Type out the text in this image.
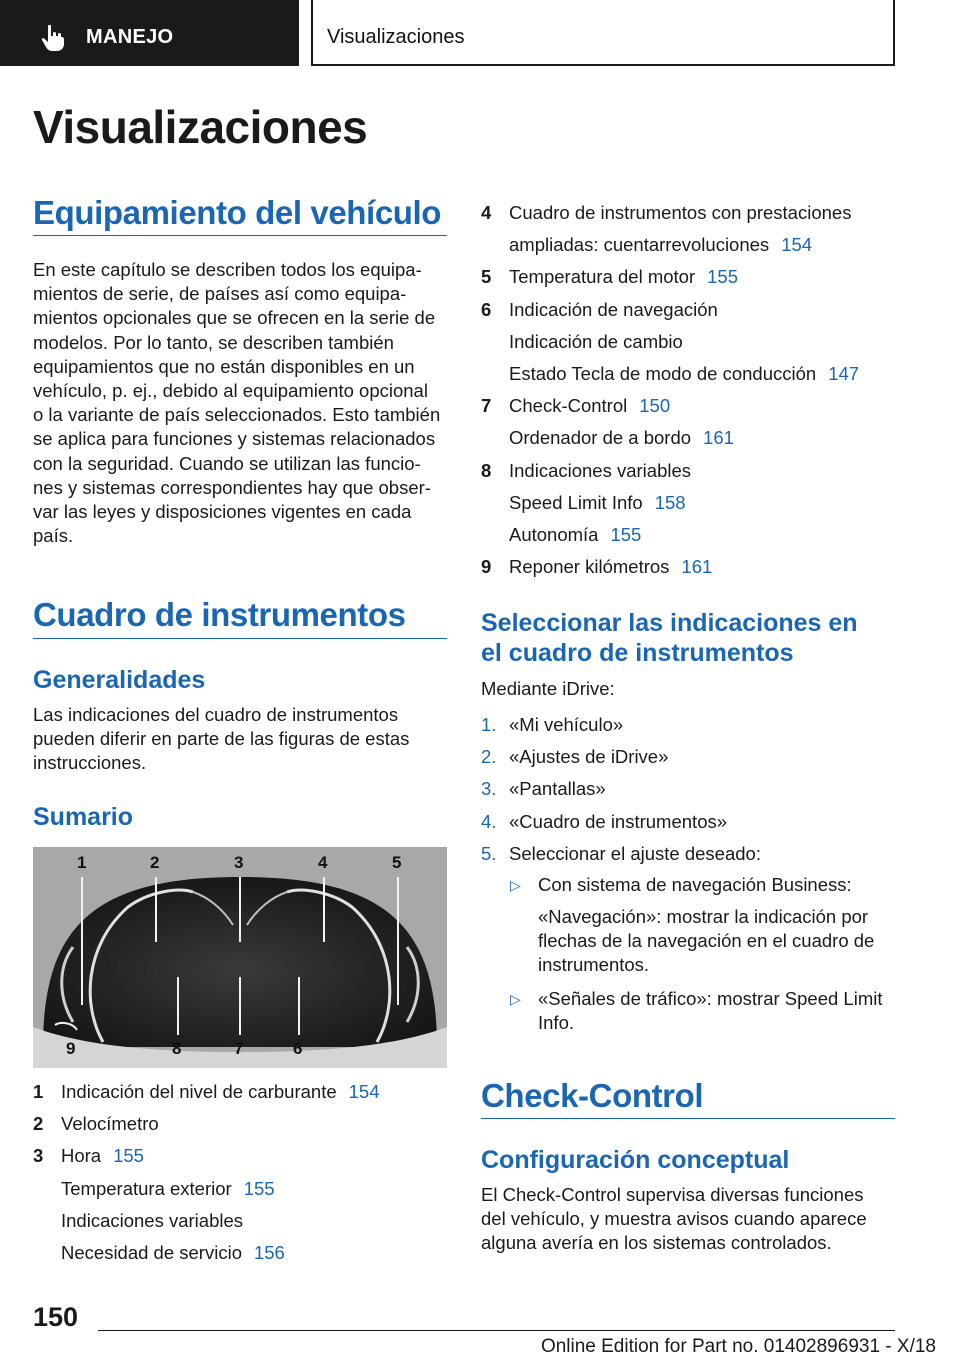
MANEJO	Visualizaciones
Visualizaciones
Equipamiento del vehículo
En este capítulo se describen todos los equipa-
mientos de serie, de países así como equipa-
mientos opcionales que se ofrecen en la serie de
modelos. Por lo tanto, se describen también
equipamientos que no están disponibles en un
vehículo, p. ej., debido al equipamiento opcional
o la variante de país seleccionados. Esto también
se aplica para funciones y sistemas relacionados
con la seguridad. Cuando se utilizan las funcio-
nes y sistemas correspondientes hay que obser-
var las leyes y disposiciones vigentes en cada
país.
Cuadro de instrumentos
Generalidades
Las indicaciones del cuadro de instrumentos
pueden diferir en parte de las figuras de estas
instrucciones.
Sumario
1	2	3	4	5
9	8	7	6
1 Indicación del nivel de carburante 154
2 Velocímetro
3 Hora 155
Temperatura exterior 155
Indicaciones variables
Necesidad de servicio 156
4 Cuadro de instrumentos con prestaciones
ampliadas: cuentarrevoluciones 154
5 Temperatura del motor 155
6 Indicación de navegación
Indicación de cambio
Estado Tecla de modo de conducción 147
7 Check-Control 150
Ordenador de a bordo 161
8 Indicaciones variables
Speed Limit Info 158
Autonomía 155
9 Reponer kilómetros 161
Seleccionar las indicaciones en
el cuadro de instrumentos
Mediante iDrive:
1. «Mi vehículo»
2. «Ajustes de iDrive»
3. «Pantallas»
4. «Cuadro de instrumentos»
5. Seleccionar el ajuste deseado:
▷ Con sistema de navegación Business:
«Navegación»: mostrar la indicación por
flechas de la navegación en el cuadro de
instrumentos.
▷ «Señales de tráfico»: mostrar Speed Limit
Info.
Check-Control
Configuración conceptual
El Check-Control supervisa diversas funciones
del vehículo, y muestra avisos cuando aparece
alguna avería en los sistemas controlados.
150
Online Edition for Part no. 01402896931 - X/18
